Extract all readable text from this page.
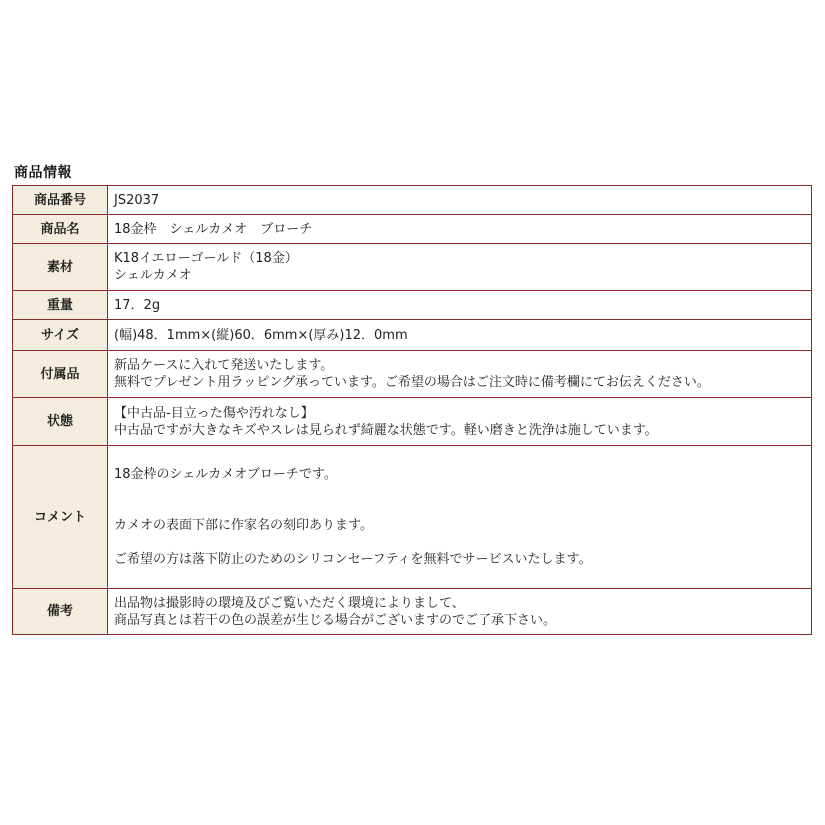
商品情報
商品番号	JS2037

商品名	18金枠　シェルカメオ　ブローチ

素材	K18イエローゴールド（18金）
シェルカメオ

重量	17．2g

サイズ	(幅)48．1mm×(縦)60．6mm×(厚み)12．0mm

付属品	新品ケースに入れて発送いたします。
無料でプレゼント用ラッピング承っています。ご希望の場合はご注文時に備考欄にてお伝えください。

状態	【中古品-目立った傷や汚れなし】
中古品ですが大きなキズやスレは見られず綺麗な状態です。軽い磨きと洗浄は施しています。

コメント	18金枠のシェルカメオブローチです。
カメオの表面下部に作家名の刻印あります。
ご希望の方は落下防止のためのシリコンセーフティを無料でサービスいたします。

備考	出品物は撮影時の環境及びご覧いただく環境によりまして、
商品写真とは若干の色の誤差が生じる場合がございますのでご了承下さい。
